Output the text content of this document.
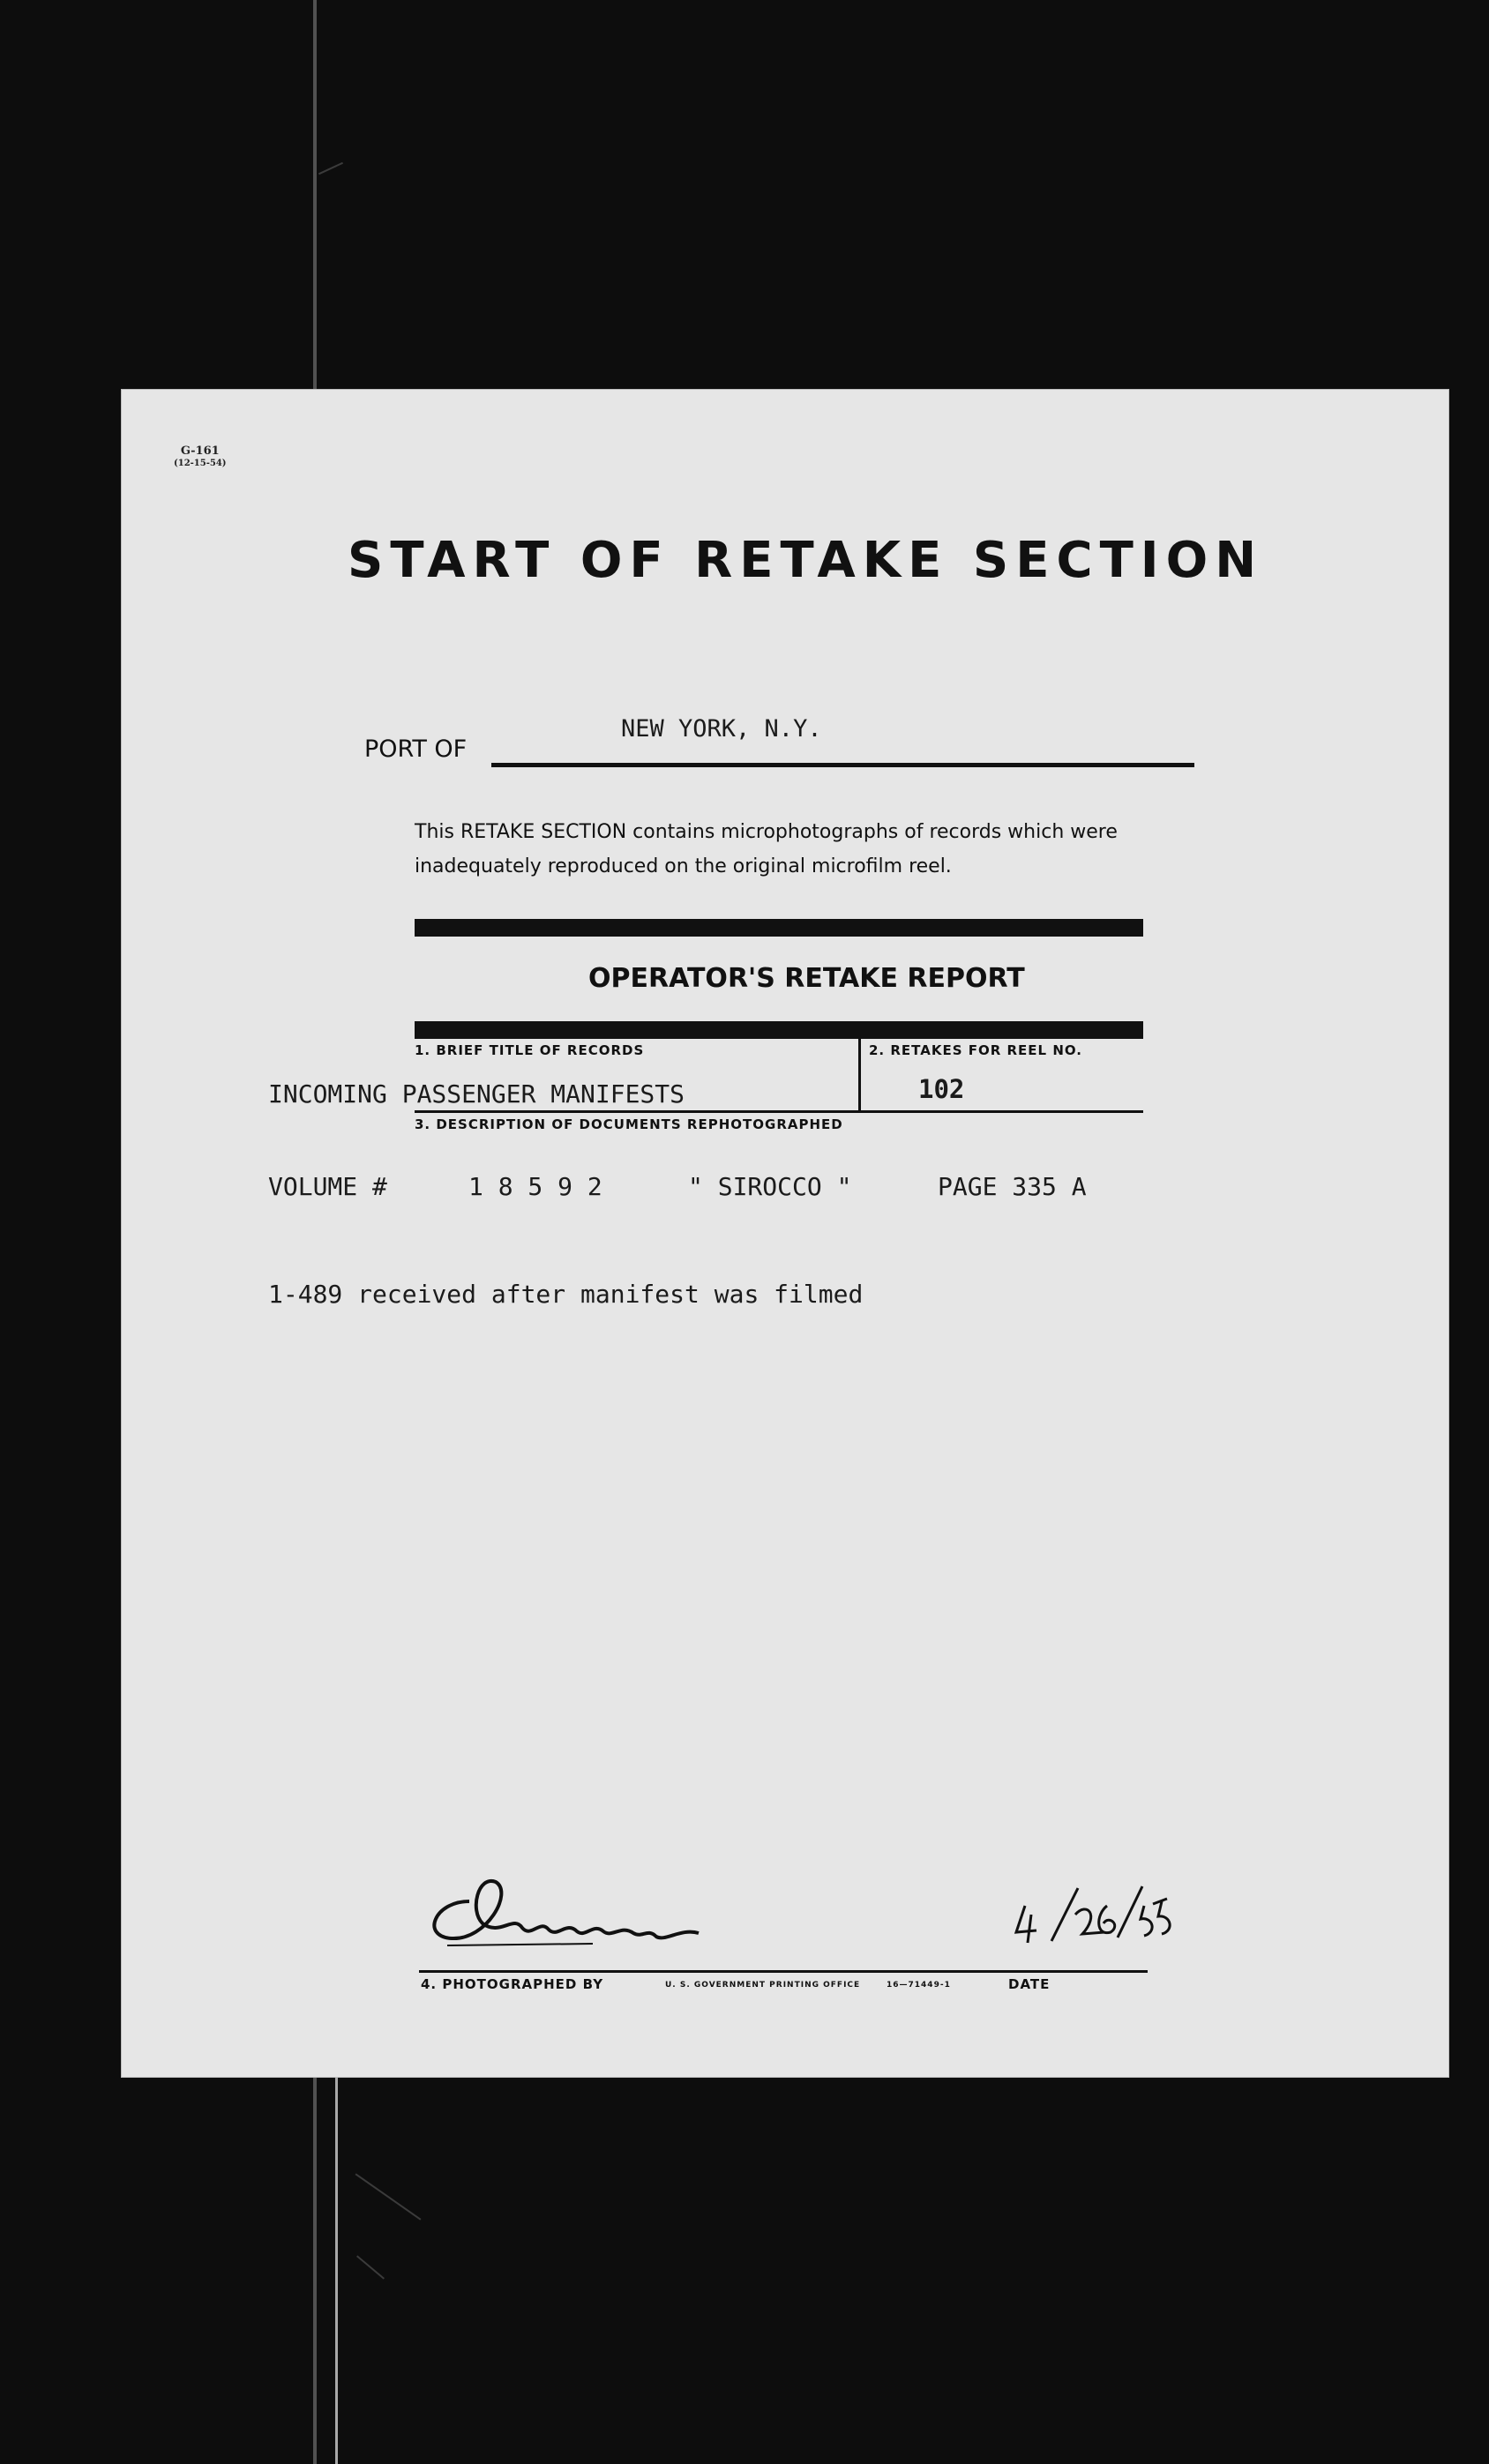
G-161
(12-15-54)
START OF RETAKE SECTION
PORT OF
NEW YORK, N.Y.
This RETAKE SECTION contains microphotographs of records which were
inadequately reproduced on the original microfilm reel.
OPERATOR'S RETAKE REPORT
1. BRIEF TITLE OF RECORDS	2. RETAKES FOR REEL NO.
INCOMING PASSENGER MANIFESTS	102
3. DESCRIPTION OF DOCUMENTS REPHOTOGRAPHED
VOLUME #	1 8 5 9 2	" SIROCCO "	PAGE 335 A
1-489 received after manifest was filmed
4. PHOTOGRAPHED BY	U. S. GOVERNMENT PRINTING OFFICE	16—71449-1	DATE
